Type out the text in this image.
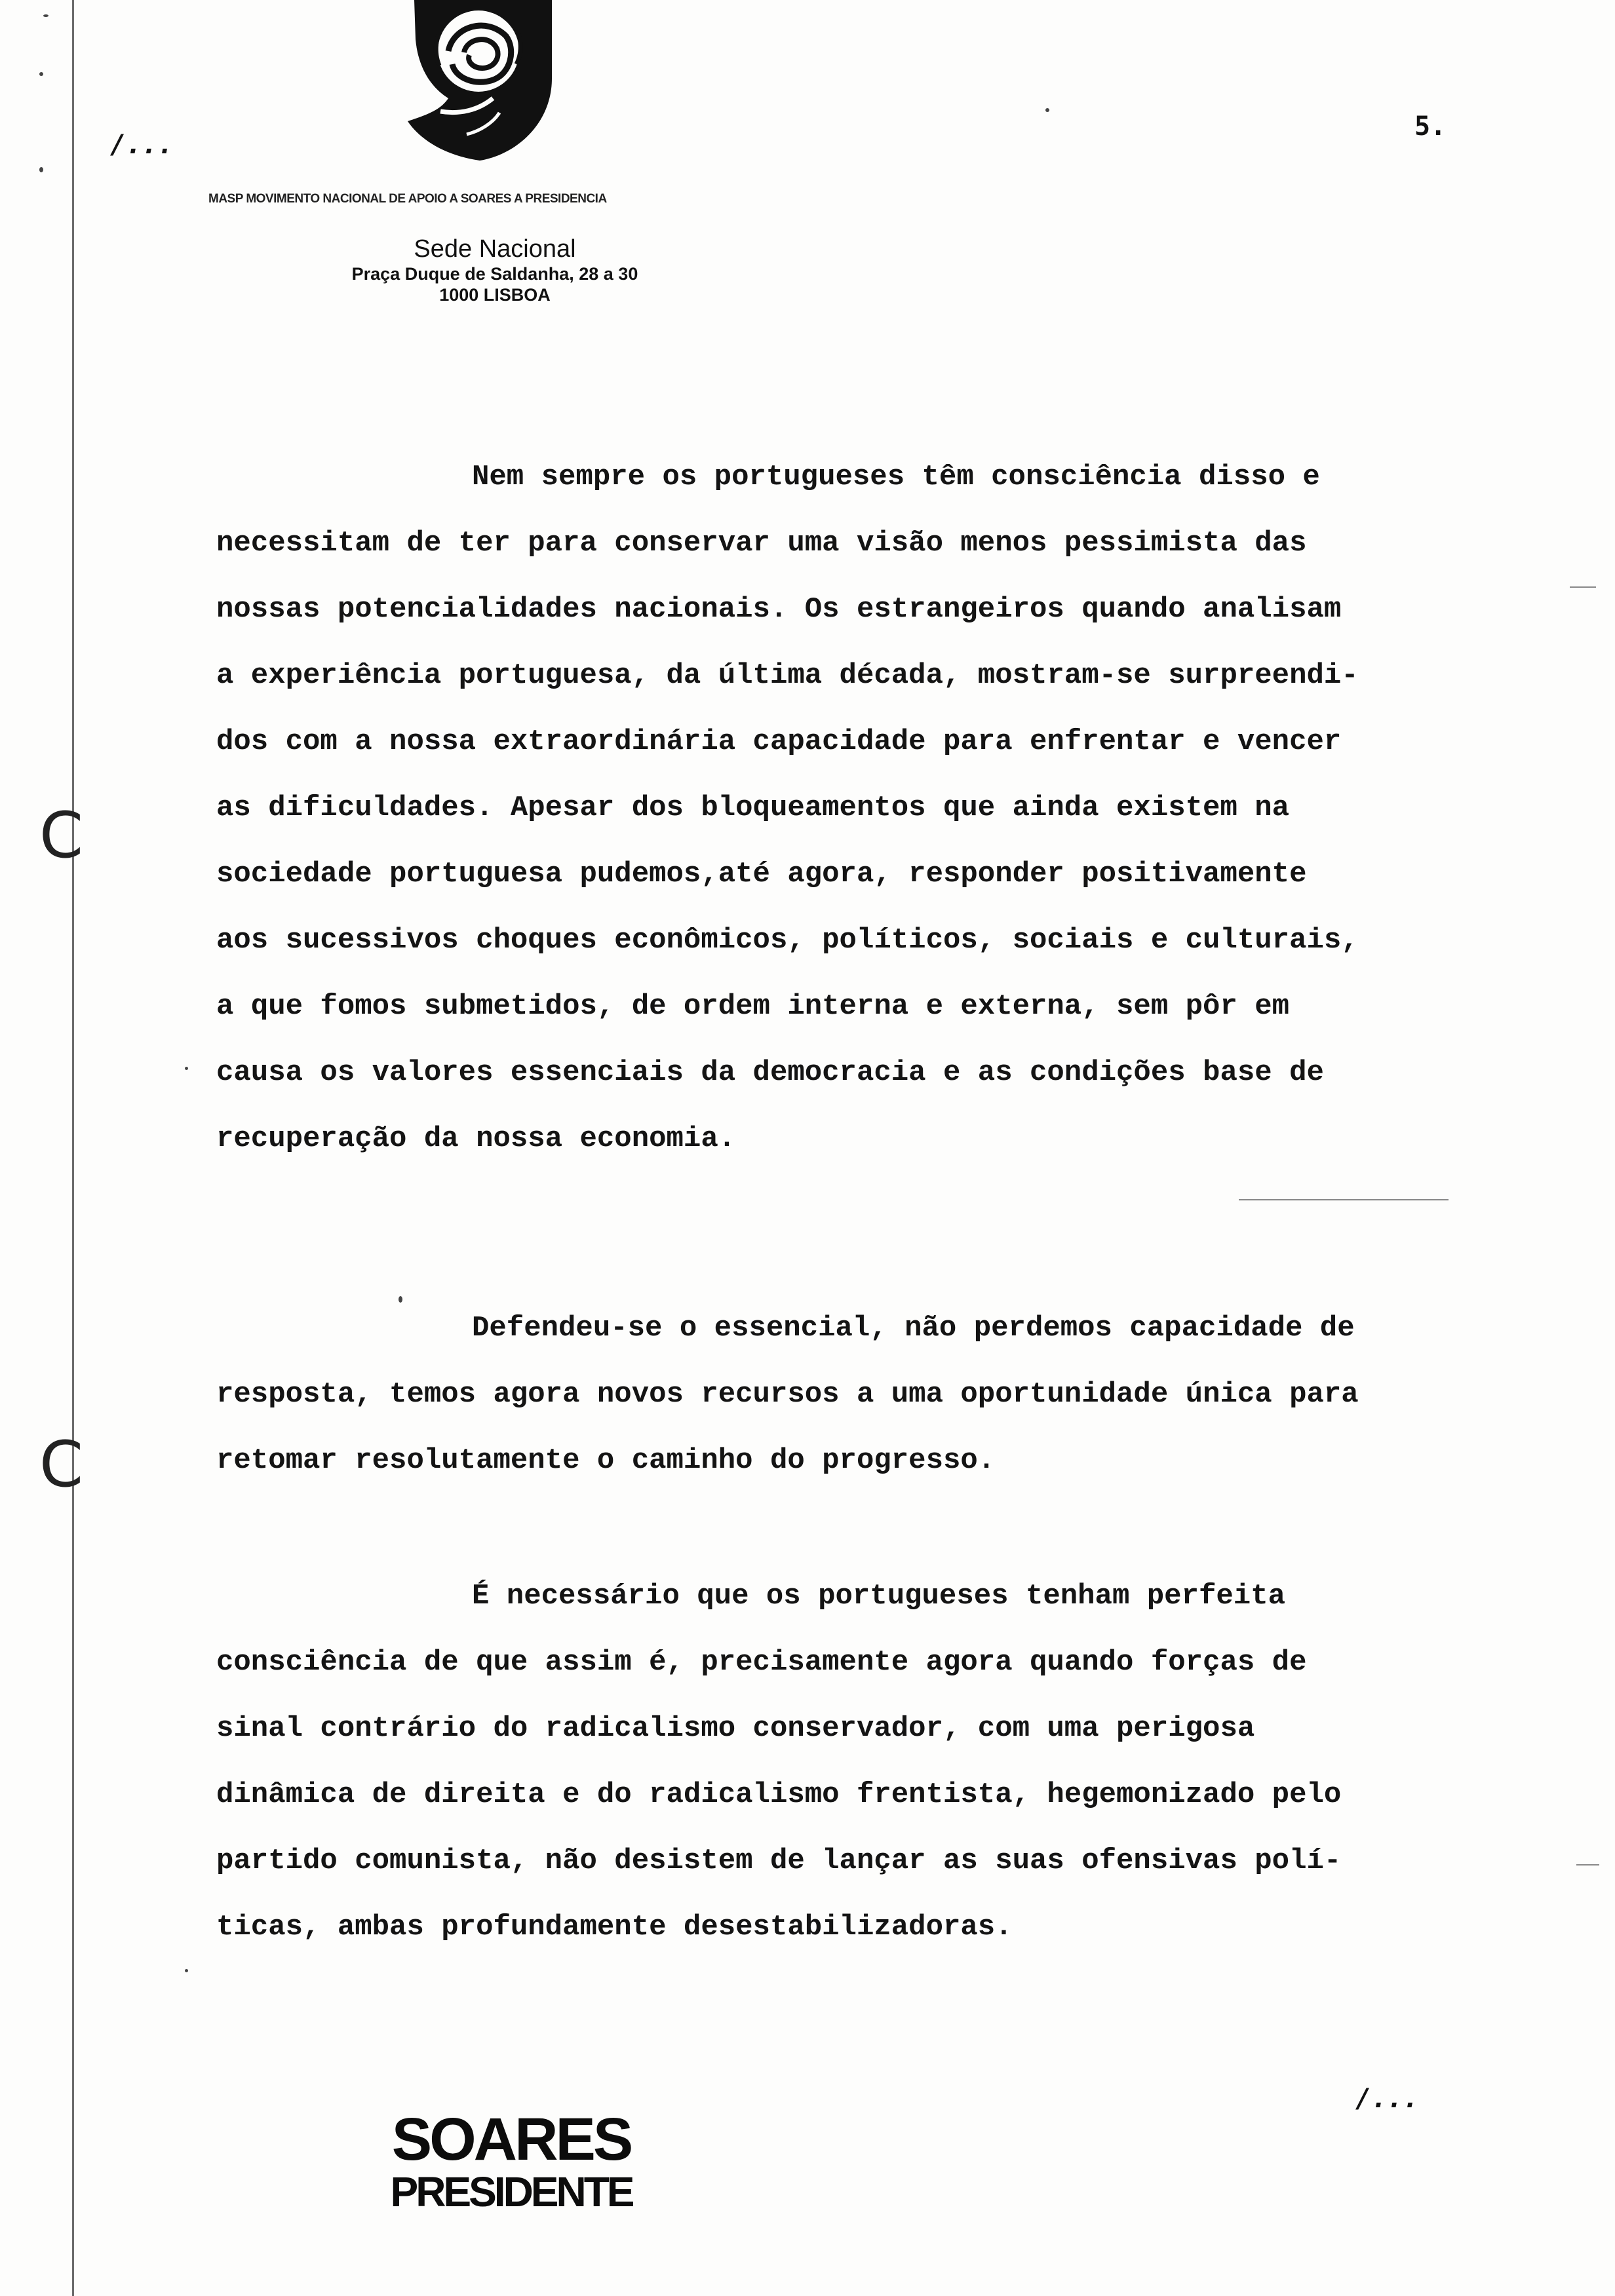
MASP MOVIMENTO NACIONAL DE APOIO A SOARES A PRESIDENCIA
Sede Nacional
Praça Duque de Saldanha, 28 a 30
1000 LISBOA
/...
5.
𝖢
𝖢

Nem sempre os portugueses têm consciência disso e
necessitam de ter para conservar uma visão menos pessimista das
nossas potencialidades nacionais. Os estrangeiros quando analisam
a experiência portuguesa, da última década, mostram-se surpreendi-
dos com a nossa extraordinária capacidade para enfrentar e vencer
as dificuldades. Apesar dos bloqueamentos que ainda existem na
sociedade portuguesa pudemos,até agora, responder positivamente
aos sucessivos choques econômicos, políticos, sociais e culturais,
a que fomos submetidos, de ordem interna e externa, sem pôr em
causa os valores essenciais da democracia e as condições base de
recuperação da nossa economia.

Defendeu-se o essencial, não perdemos capacidade de
resposta, temos agora novos recursos a uma oportunidade única para
retomar resolutamente o caminho do progresso.

É necessário que os portugueses tenham perfeita
consciência de que assim é, precisamente agora quando forças de
sinal contrário do radicalismo conservador, com uma perigosa
dinâmica de direita e do radicalismo frentista, hegemonizado pelo
partido comunista, não desistem de lançar as suas ofensivas polí-
ticas, ambas profundamente desestabilizadoras.

/...
SOARES
PRESIDENTE
